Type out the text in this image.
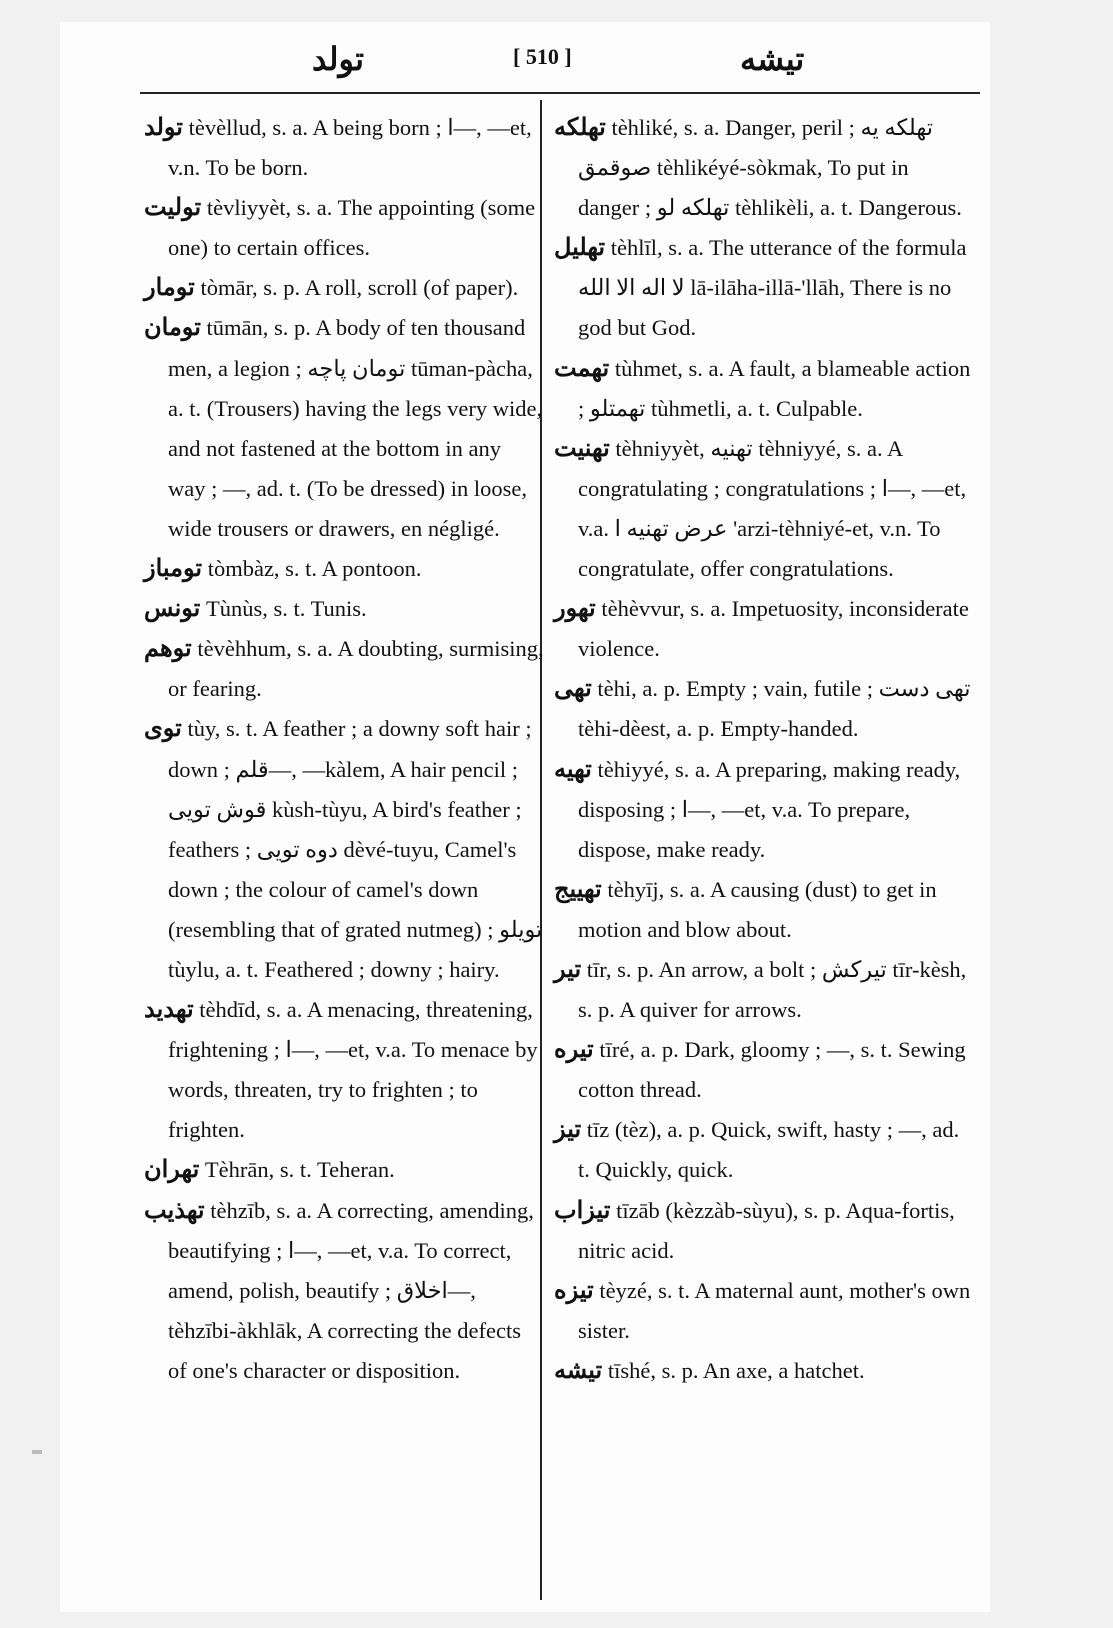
تولد	[ 510 ]	تيشه

تولد tèvèllud, s. a. A being born ; ا—, —et, v.n. To be born.

توليت tèvliyyèt, s. a. The appointing (some one) to certain offices.

تومار tòmār, s. p. A roll, scroll (of paper).

تومان tūmān, s. p. A body of ten thousand men, a legion ; تومان پاچه tūman-pàcha, a. t. (Trousers) having the legs very wide, and not fastened at the bottom in any way ; —, ad. t. (To be dressed) in loose, wide trousers or drawers, en négligé.

تومباز tòmbàz, s. t. A pontoon.

تونس Tùnùs, s. t. Tunis.

توهم tèvèhhum, s. a. A doubting, surmising, or fearing.

توی tùy, s. t. A feather ; a downy soft hair ; down ; قلم—, —kàlem, A hair pencil ; قوش تویی kùsh-tùyu, A bird's feather ; feathers ; دوه تویی dèvé-tuyu, Camel's down ; the colour of camel's down (resembling that of grated nutmeg) ; تویلو tùylu, a. t. Feathered ; downy ; hairy.

تهدید tèhdīd, s. a. A menacing, threatening, frightening ; ا—, —et, v.a. To menace by words, threaten, try to frighten ; to frighten.

تهران Tèhrān, s. t. Teheran.

تهذیب tèhzīb, s. a. A correcting, amending, beautifying ; ا—, —et, v.a. To correct, amend, polish, beautify ; اخلاق—, tèhzībi-àkhlāk, A correcting the defects of one's character or disposition.

تهلکه tèhliké, s. a. Danger, peril ; تهلکه یه صوقمق tèhlikéyé-sòkmak, To put in danger ; تهلکه لو tèhlikèli, a. t. Dangerous.

تهلیل tèhlīl, s. a. The utterance of the formula لا اله الا الله lā-ilāha-illā-'llāh, There is no god but God.

تهمت tùhmet, s. a. A fault, a blameable action ; تهمتلو tùhmetli, a. t. Culpable.

تهنیت tèhniyyèt, تهنیه tèhniyyé, s. a. A congratulating ; congratulations ; ا—, —et, v.a. عرض تهنیه ا 'arzi-tèhniyé-et, v.n. To congratulate, offer congratulations.

تهور tèhèvvur, s. a. Impetuosity, inconsiderate violence.

تهی tèhi, a. p. Empty ; vain, futile ; تهی دست tèhi-dèest, a. p. Empty-handed.

تهیه tèhiyyé, s. a. A preparing, making ready, disposing ; ا—, —et, v.a. To prepare, dispose, make ready.

تهییج tèhyīj, s. a. A causing (dust) to get in motion and blow about.

تیر tīr, s. p. An arrow, a bolt ; تیرکش tīr-kèsh, s. p. A quiver for arrows.

تیره tīré, a. p. Dark, gloomy ; —, s. t. Sewing cotton thread.

تیز tīz (tèz), a. p. Quick, swift, hasty ; —, ad. t. Quickly, quick.

تیزاب tīzāb (kèzzàb-sùyu), s. p. Aqua-fortis, nitric acid.

تیزه tèyzé, s. t. A maternal aunt, mother's own sister.

تیشه tīshé, s. p. An axe, a hatchet.
